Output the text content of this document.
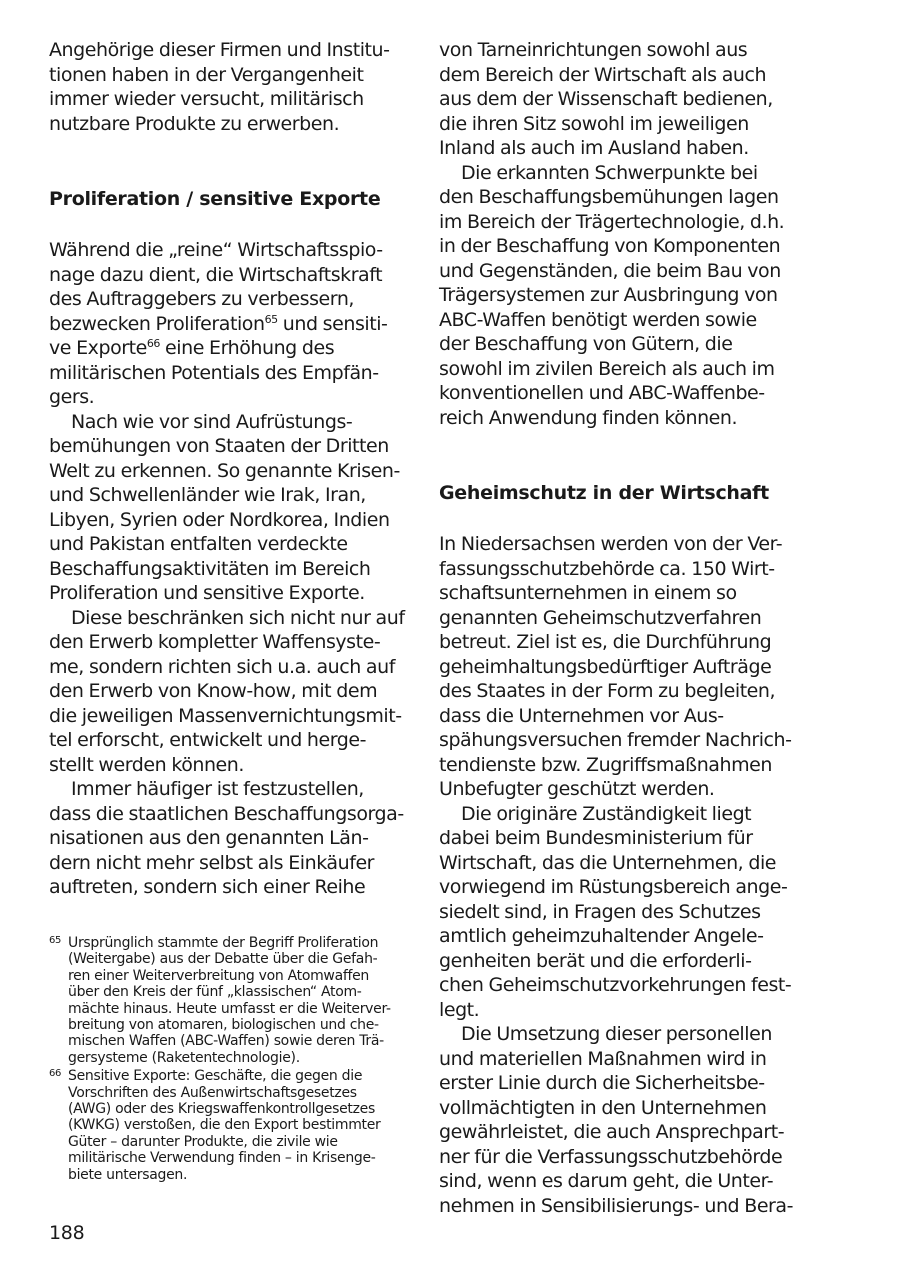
Angehörige dieser Firmen und Institu-
tionen haben in der Vergangenheit
immer wieder versucht, militärisch
nutzbare Produkte zu erwerben.

Proliferation / sensitive Exporte

Während die „reine“ Wirtschaftsspio-
nage dazu dient, die Wirtschaftskraft
des Auftraggebers zu verbessern,
bezwecken Proliferation$^{65}$ und sensiti-
ve Exporte$^{66}$ eine Erhöhung des
militärischen Potentials des Empfän-
gers.

Nach wie vor sind Aufrüstungs-
bemühungen von Staaten der Dritten
Welt zu erkennen. So genannte Krisen-
und Schwellenländer wie Irak, Iran,
Libyen, Syrien oder Nordkorea, Indien
und Pakistan entfalten verdeckte
Beschaffungsaktivitäten im Bereich
Proliferation und sensitive Exporte.

Diese beschränken sich nicht nur auf
den Erwerb kompletter Waffensyste-
me, sondern richten sich u.a. auch auf
den Erwerb von Know-how, mit dem
die jeweiligen Massenvernichtungsmit-
tel erforscht, entwickelt und herge-
stellt werden können.

Immer häufiger ist festzustellen,
dass die staatlichen Beschaffungsorga-
nisationen aus den genannten Län-
dern nicht mehr selbst als Einkäufer
auftreten, sondern sich einer Reihe

65 Ursprünglich stammte der Begriff Proliferation
(Weitergabe) aus der Debatte über die Gefah-
ren einer Weiterverbreitung von Atomwaffen
über den Kreis der fünf „klassischen“ Atom-
mächte hinaus. Heute umfasst er die Weiterver-
breitung von atomaren, biologischen und che-
mischen Waffen (ABC-Waffen) sowie deren Trä-
gersysteme (Raketentechnologie).
66 Sensitive Exporte: Geschäfte, die gegen die
Vorschriften des Außenwirtschaftsgesetzes
(AWG) oder des Kriegswaffenkontrollgesetzes
(KWKG) verstoßen, die den Export bestimmter
Güter – darunter Produkte, die zivile wie
militärische Verwendung finden – in Krisenge-
biete untersagen.
188

von Tarneinrichtungen sowohl aus
dem Bereich der Wirtschaft als auch
aus dem der Wissenschaft bedienen,
die ihren Sitz sowohl im jeweiligen
Inland als auch im Ausland haben.

Die erkannten Schwerpunkte bei
den Beschaffungsbemühungen lagen
im Bereich der Trägertechnologie, d.h.
in der Beschaffung von Komponenten
und Gegenständen, die beim Bau von
Trägersystemen zur Ausbringung von
ABC-Waffen benötigt werden sowie
der Beschaffung von Gütern, die
sowohl im zivilen Bereich als auch im
konventionellen und ABC-Waffenbe-
reich Anwendung finden können.

Geheimschutz in der Wirtschaft

In Niedersachsen werden von der Ver-
fassungsschutzbehörde ca. 150 Wirt-
schaftsunternehmen in einem so
genannten Geheimschutzverfahren
betreut. Ziel ist es, die Durchführung
geheimhaltungsbedürftiger Aufträge
des Staates in der Form zu begleiten,
dass die Unternehmen vor Aus-
spähungsversuchen fremder Nachrich-
tendienste bzw. Zugriffsmaßnahmen
Unbefugter geschützt werden.

Die originäre Zuständigkeit liegt
dabei beim Bundesministerium für
Wirtschaft, das die Unternehmen, die
vorwiegend im Rüstungsbereich ange-
siedelt sind, in Fragen des Schutzes
amtlich geheimzuhaltender Angele-
genheiten berät und die erforderli-
chen Geheimschutzvorkehrungen fest-
legt.

Die Umsetzung dieser personellen
und materiellen Maßnahmen wird in
erster Linie durch die Sicherheitsbe-
vollmächtigten in den Unternehmen
gewährleistet, die auch Ansprechpart-
ner für die Verfassungsschutzbehörde
sind, wenn es darum geht, die Unter-
nehmen in Sensibilisierungs- und Bera-
